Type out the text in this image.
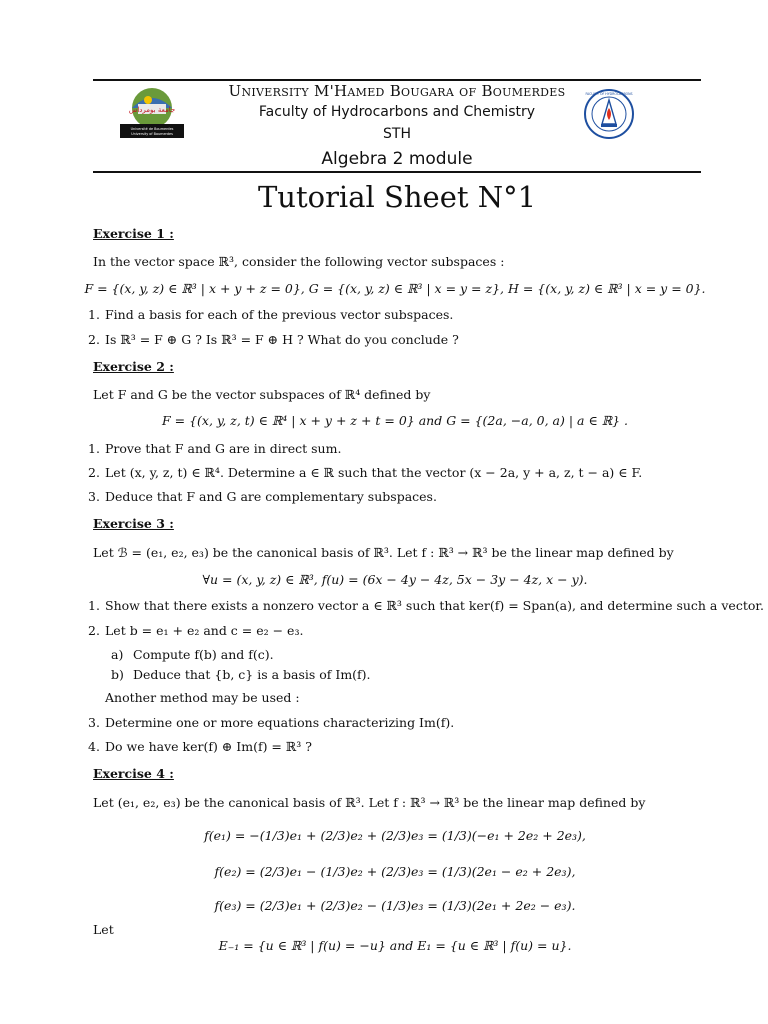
جامعة بومرداس
Université de Boumerdes
University of Boumerdes
FACULTY OF HYDROCARBONS
University M'Hamed Bougara of Boumerdes
Faculty of Hydrocarbons and Chemistry
STH
Algebra 2 module
Tutorial Sheet N°1
Exercise 1 :
In the vector space ℝ³, consider the following vector subspaces :
F = {(x, y, z) ∈ ℝ³ | x + y + z = 0}, G = {(x, y, z) ∈ ℝ³ | x = y = z}, H = {(x, y, z) ∈ ℝ³ | x = y = 0}.
1. Find a basis for each of the previous vector subspaces.
2. Is ℝ³ = F ⊕ G ? Is ℝ³ = F ⊕ H ? What do you conclude ?
Exercise 2 :
Let F and G be the vector subspaces of ℝ⁴ defined by
F = {(x, y, z, t) ∈ ℝ⁴ | x + y + z + t = 0} and G = {(2a, −a, 0, a) | a ∈ ℝ} .
1. Prove that F and G are in direct sum.
2. Let (x, y, z, t) ∈ ℝ⁴. Determine a ∈ ℝ such that the vector (x − 2a, y + a, z, t − a) ∈ F.
3. Deduce that F and G are complementary subspaces.
Exercise 3 :
Let ℬ = (e₁, e₂, e₃) be the canonical basis of ℝ³. Let f : ℝ³ → ℝ³ be the linear map defined by
∀u = (x, y, z) ∈ ℝ³, f(u) = (6x − 4y − 4z, 5x − 3y − 4z, x − y).
1. Show that there exists a nonzero vector a ∈ ℝ³ such that ker(f) = Span(a), and determine such a vector.
2. Let b = e₁ + e₂ and c = e₂ − e₃.
a) Compute f(b) and f(c).
b) Deduce that {b, c} is a basis of Im(f).
Another method may be used :
3. Determine one or more equations characterizing Im(f).
4. Do we have ker(f) ⊕ Im(f) = ℝ³ ?
Exercise 4 :
Let (e₁, e₂, e₃) be the canonical basis of ℝ³. Let f : ℝ³ → ℝ³ be the linear map defined by
f(e₁) = −(1/3)e₁ + (2/3)e₂ + (2/3)e₃ = (1/3)(−e₁ + 2e₂ + 2e₃),
f(e₂) = (2/3)e₁ − (1/3)e₂ + (2/3)e₃ = (1/3)(2e₁ − e₂ + 2e₃),
f(e₃) = (2/3)e₁ + (2/3)e₂ − (1/3)e₃ = (1/3)(2e₁ + 2e₂ − e₃).
Let
E₋₁ = {u ∈ ℝ³ | f(u) = −u} and E₁ = {u ∈ ℝ³ | f(u) = u}.
